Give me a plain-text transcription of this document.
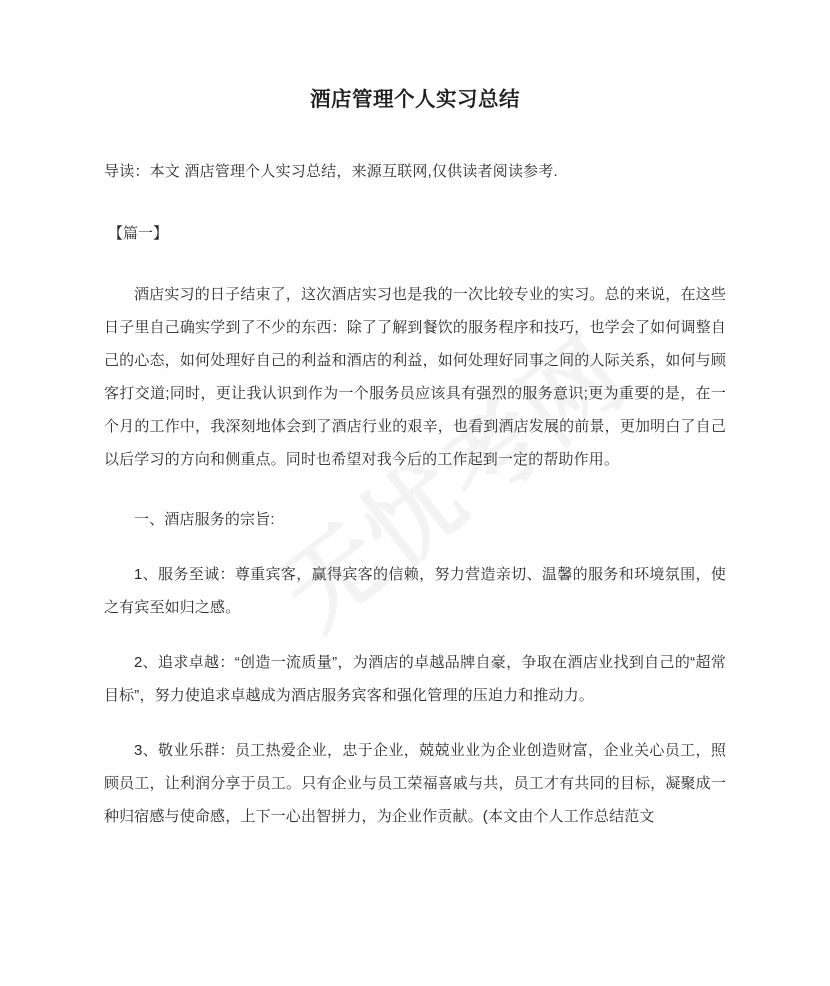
酒店管理个人实习总结

导读：本文 酒店管理个人实习总结，来源互联网,仅供读者阅读参考.

【篇一】

酒店实习的日子结束了，这次酒店实习也是我的一次比较专业的实习。总的来说，在这些日子里自己确实学到了不少的东西：除了了解到餐饮的服务程序和技巧，也学会了如何调整自己的心态，如何处理好自己的利益和酒店的利益，如何处理好同事之间的人际关系，如何与顾客打交道;同时，更让我认识到作为一个服务员应该具有强烈的服务意识;更为重要的是，在一个月的工作中，我深刻地体会到了酒店行业的艰辛，也看到酒店发展的前景，更加明白了自己以后学习的方向和侧重点。同时也希望对我今后的工作起到一定的帮助作用。

一、酒店服务的宗旨:

1、服务至诚：尊重宾客，赢得宾客的信赖，努力营造亲切、温馨的服务和环境氛围，使之有宾至如归之感。

2、追求卓越：“创造一流质量”，为酒店的卓越品牌自豪，争取在酒店业找到自己的“超常目标”，努力使追求卓越成为酒店服务宾客和强化管理的压迫力和推动力。

3、敬业乐群：员工热爱企业，忠于企业，兢兢业业为企业创造财富，企业关心员工，照顾员工，让利润分享于员工。只有企业与员工荣福喜戚与共，员工才有共同的目标，凝聚成一种归宿感与使命感，上下一心出智拼力，为企业作贡献。(本文由个人工作总结范文
